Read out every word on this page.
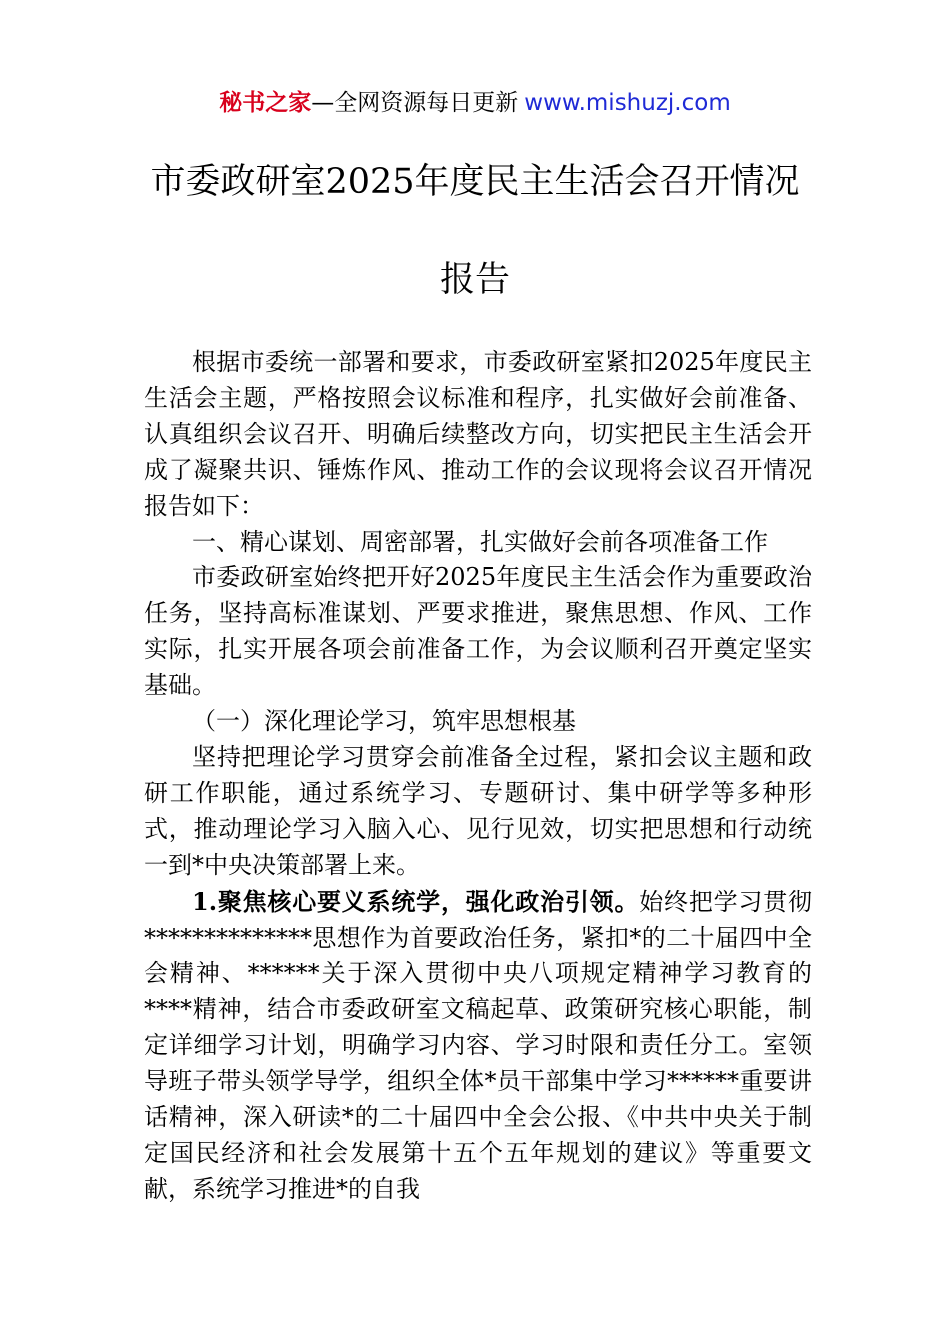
秘书之家—全网资源每日更新 www.mishuzj.com
市委政研室2025年度民主生活会召开情况
报告

根据市委统一部署和要求，市委政研室紧扣2025年度民主生活会主题，严格按照会议标准和程序，扎实做好会前准备、认真组织会议召开、明确后续整改方向，切实把民主生活会开成了凝聚共识、锤炼作风、推动工作的会议现将会议召开情况报告如下：

一、精心谋划、周密部署，扎实做好会前各项准备工作

市委政研室始终把开好2025年度民主生活会作为重要政治任务，坚持高标准谋划、严要求推进，聚焦思想、作风、工作实际，扎实开展各项会前准备工作，为会议顺利召开奠定坚实基础。

（一）深化理论学习，筑牢思想根基

坚持把理论学习贯穿会前准备全过程，紧扣会议主题和政研工作职能，通过系统学习、专题研讨、集中研学等多种形式，推动理论学习入脑入心、见行见效，切实把思想和行动统一到*中央决策部署上来。

1.聚焦核心要义系统学，强化政治引领。始终把学习贯彻**************思想作为首要政治任务，紧扣*的二十届四中全会精神、******关于深入贯彻中央八项规定精神学习教育的****精神，结合市委政研室文稿起草、政策研究核心职能，制定详细学习计划，明确学习内容、学习时限和责任分工。室领导班子带头领学导学，组织全体*员干部集中学习******重要讲话精神，深入研读*的二十届四中全会公报、《中共中央关于制定国民经济和社会发展第十五个五年规划的建议》等重要文献，系统学习推进*的自我
